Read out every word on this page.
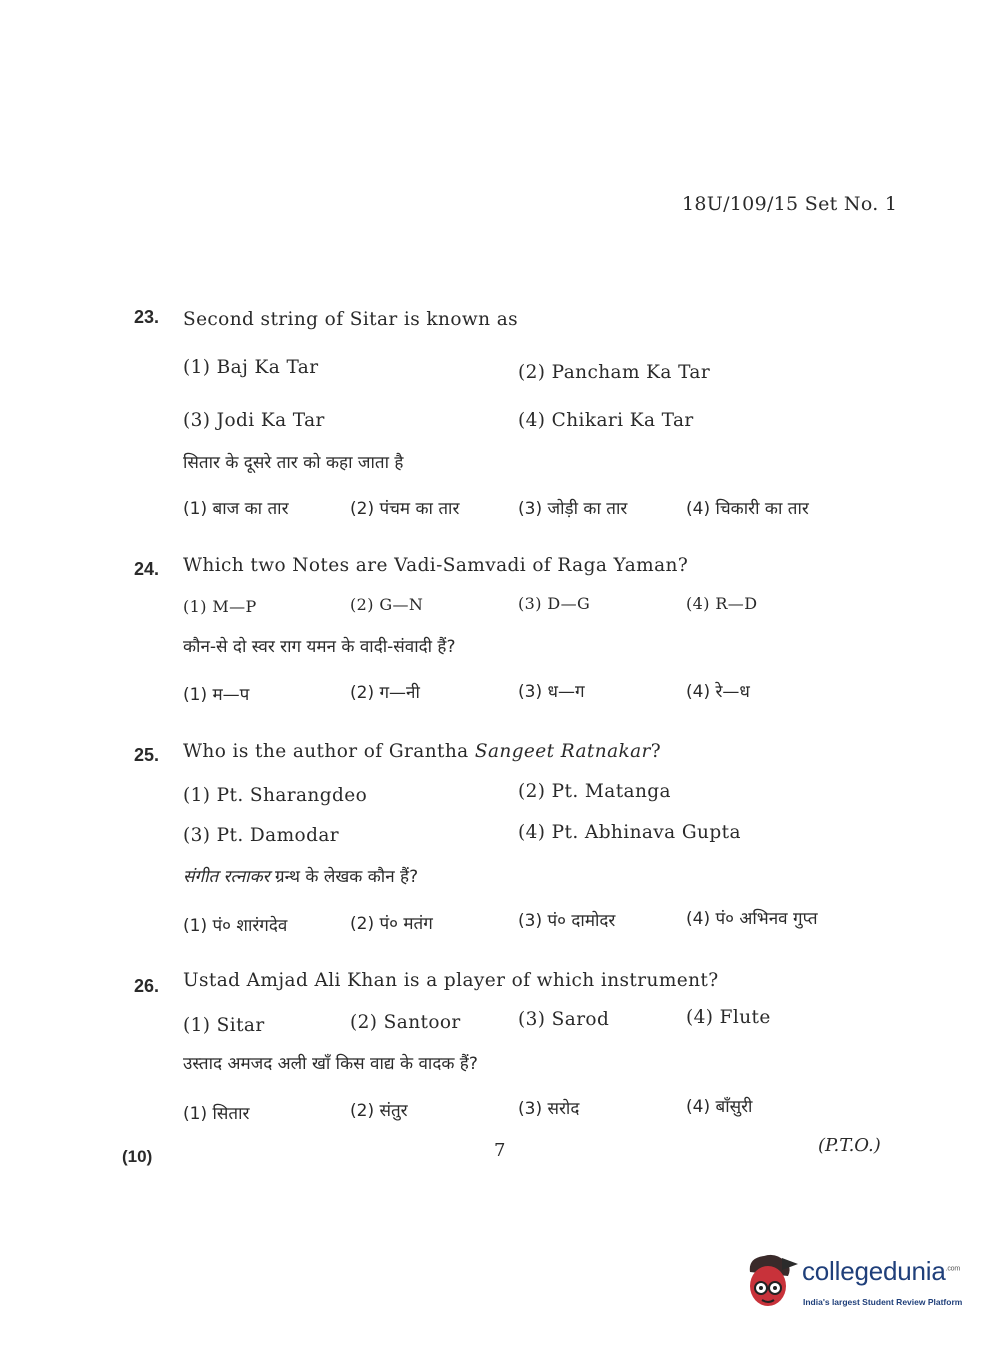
18U/109/15 Set No. 1
23. Second string of Sitar is known as
(1) Baj Ka Tar	(2) Pancham Ka Tar
(3) Jodi Ka Tar	(4) Chikari Ka Tar
सितार के दूसरे तार को कहा जाता है
(1) बाज का तार	(2) पंचम का तार	(3) जोड़ी का तार	(4) चिकारी का तार
24. Which two Notes are Vadi-Samvadi of Raga Yaman?
(1) M—P	(2) G—N	(3) D—G	(4) R—D
कौन-से दो स्वर राग यमन के वादी-संवादी हैं?
(1) म—प	(2) ग—नी	(3) ध—ग	(4) रे—ध
25. Who is the author of Grantha Sangeet Ratnakar?
(1) Pt. Sharangdeo	(2) Pt. Matanga
(3) Pt. Damodar	(4) Pt. Abhinava Gupta
संगीत रत्नाकर ग्रन्थ के लेखक कौन हैं?
(1) पं० शारंगदेव	(2) पं० मतंग	(3) पं० दामोदर	(4) पं० अभिनव गुप्त
26. Ustad Amjad Ali Khan is a player of which instrument?
(1) Sitar	(2) Santoor	(3) Sarod	(4) Flute
उस्ताद अमजद अली खाँ किस वाद्य के वादक हैं?
(1) सितार	(2) संतुर	(3) सरोद	(4) बाँसुरी
(10)	7	(P.T.O.)
collegedunia$^{.com}$
India's largest Student Review Platform
